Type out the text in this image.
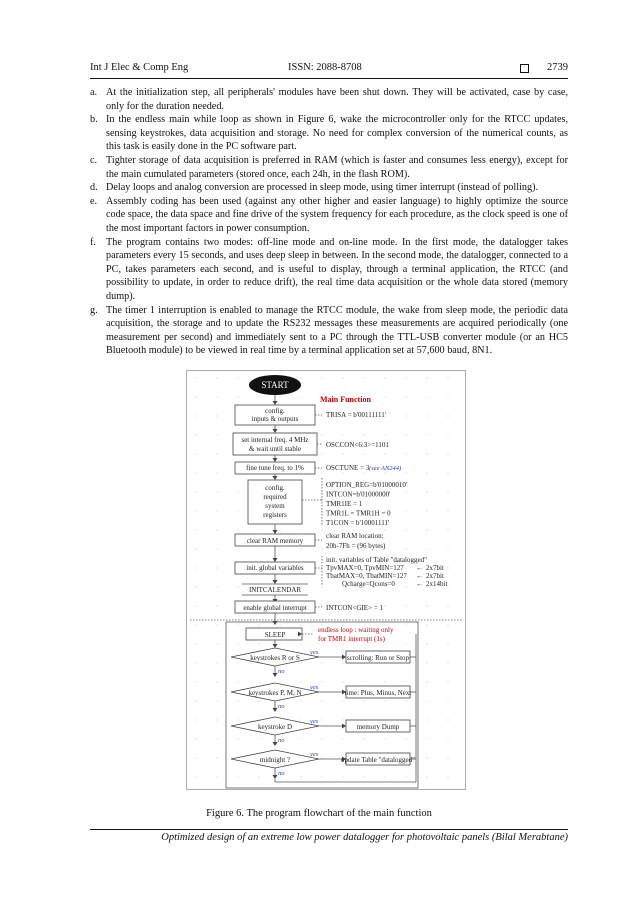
Int J Elec & Comp Eng	ISSN: 2088-8708	2739

a. At the initialization step, all peripherals' modules have been shut down. They will be activated, case by case, only for the duration needed.

b. In the endless main while loop as shown in Figure 6, wake the microcontroller only for the RTCC updates, sensing keystrokes, data acquisition and storage. No need for complex conversion of the numerical counts, as this task is easily done in the PC software part.

c. Tighter storage of data acquisition is preferred in RAM (which is faster and consumes less energy), except for the main cumulated parameters (stored once, each 24h, in the flash ROM).

d. Delay loops and analog conversion are processed in sleep mode, using timer interrupt (instead of polling).

e. Assembly coding has been used (against any other higher and easier language) to highly optimize the source code space, the data space and fine drive of the system frequency for each procedure, as the clock speed is one of the most important factors in power consumption.

f. The program contains two modes: off-line mode and on-line mode. In the first mode, the datalogger takes parameters every 15 seconds, and uses deep sleep in between. In the second mode, the datalogger, connected to a PC, takes parameters each second, and is useful to display, through a terminal application, the RTCC (and possibility to update, in order to reduce drift), the real time data acquisition or the whole data stored (memory dump).

g. The timer 1 interruption is enabled to manage the RTCC module, the wake from sleep mode, the periodic data acquisition, the storage and to update the RS232 messages these measurements are acquired periodically (one measurement per second) and immediately sent to a PC through the TTL-USB converter module (or an HC5 Bluetooth module) to be viewed in real time by a terminal application set at 57,600 baud, 8N1.

START
Main Function
config.
inputs & outputs	TRISA = b'00111111'
set internal freq. 4 MHz
& wait until stable	OSCCON<6:3>=1101
fine tune freq. to 1%	OSCTUNE = 3 (see AN244)
config.
required
system
registers
OPTION_REG=b'01000010'
INTCON=b'01000000'
TMR1IE = 1
TMR1L = TMR1H = 0
T1CON = b'10001111'
clear RAM memory
clear RAM location:
20h-7Fh = (96 bytes)
init. global variables
init. variables of Table "datalogged"
TpvMAX=0, TpvMIN=127
TbatMAX=0, TbatMIN=127
Qcharge=Qcons=0
← 2x7bit
← 2x7bit
← 2x14bit
INITCALENDAR
enable global interrupt	INTCON<GIE> = 1
SLEEP
endless loop : waiting only
for TMR1 interrupt (1s)
keystrokes R or S
yes
scrolling: Run or Stop
no
keystrokes P, M, N
yes
time: Plus, Minus, Next
no
keystroke D
yes
memory Dump
no
midnight ?
yes
update Table "datalogged"
no
Figure 6. The program flowchart of the main function
Optimized design of an extreme low power datalogger for photovoltaic panels (Bilal Merabtane)
